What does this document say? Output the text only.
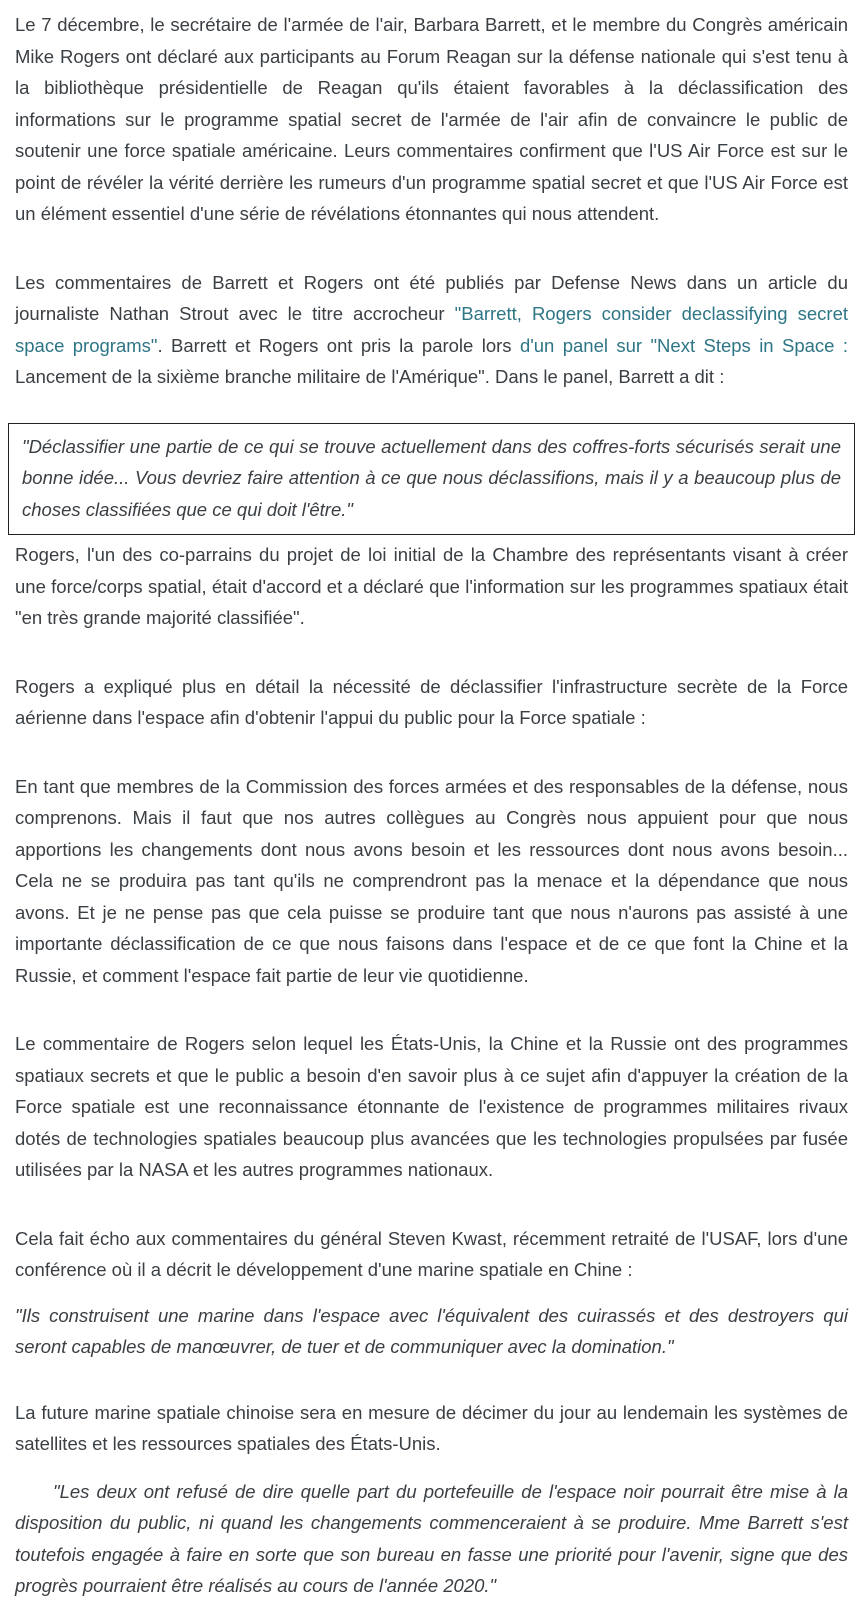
Le 7 décembre, le secrétaire de l'armée de l'air, Barbara Barrett, et le membre du Congrès américain Mike Rogers ont déclaré aux participants au Forum Reagan sur la défense nationale qui s'est tenu à la bibliothèque présidentielle de Reagan qu'ils étaient favorables à la déclassification des informations sur le programme spatial secret de l'armée de l'air afin de convaincre le public de soutenir une force spatiale américaine. Leurs commentaires confirment que l'US Air Force est sur le point de révéler la vérité derrière les rumeurs d'un programme spatial secret et que l'US Air Force est un élément essentiel d'une série de révélations étonnantes qui nous attendent.

Les commentaires de Barrett et Rogers ont été publiés par Defense News dans un article du journaliste Nathan Strout avec le titre accrocheur "Barrett, Rogers consider declassifying secret space programs". Barrett et Rogers ont pris la parole lors d'un panel sur "Next Steps in Space : Lancement de la sixième branche militaire de l'Amérique". Dans le panel, Barrett a dit :

"Déclassifier une partie de ce qui se trouve actuellement dans des coffres-forts sécurisés serait une bonne idée... Vous devriez faire attention à ce que nous déclassifions, mais il y a beaucoup plus de choses classifiées que ce qui doit l'être."

Rogers, l'un des co-parrains du projet de loi initial de la Chambre des représentants visant à créer une force/corps spatial, était d'accord et a déclaré que l'information sur les programmes spatiaux était "en très grande majorité classifiée".

Rogers a expliqué plus en détail la nécessité de déclassifier l'infrastructure secrète de la Force aérienne dans l'espace afin d'obtenir l'appui du public pour la Force spatiale :

En tant que membres de la Commission des forces armées et des responsables de la défense, nous comprenons. Mais il faut que nos autres collègues au Congrès nous appuient pour que nous apportions les changements dont nous avons besoin et les ressources dont nous avons besoin... Cela ne se produira pas tant qu'ils ne comprendront pas la menace et la dépendance que nous avons. Et je ne pense pas que cela puisse se produire tant que nous n'aurons pas assisté à une importante déclassification de ce que nous faisons dans l'espace et de ce que font la Chine et la Russie, et comment l'espace fait partie de leur vie quotidienne.

Le commentaire de Rogers selon lequel les États-Unis, la Chine et la Russie ont des programmes spatiaux secrets et que le public a besoin d'en savoir plus à ce sujet afin d'appuyer la création de la Force spatiale est une reconnaissance étonnante de l'existence de programmes militaires rivaux dotés de technologies spatiales beaucoup plus avancées que les technologies propulsées par fusée utilisées par la NASA et les autres programmes nationaux.

Cela fait écho aux commentaires du général Steven Kwast, récemment retraité de l'USAF, lors d'une conférence où il a décrit le développement d'une marine spatiale en Chine :

"Ils construisent une marine dans l'espace avec l'équivalent des cuirassés et des destroyers qui seront capables de manœuvrer, de tuer et de communiquer avec la domination."

La future marine spatiale chinoise sera en mesure de décimer du jour au lendemain les systèmes de satellites et les ressources spatiales des États-Unis.

"Les deux ont refusé de dire quelle part du portefeuille de l'espace noir pourrait être mise à la disposition du public, ni quand les changements commenceraient à se produire. Mme Barrett s'est toutefois engagée à faire en sorte que son bureau en fasse une priorité pour l'avenir, signe que des progrès pourraient être réalisés au cours de l'année 2020."
